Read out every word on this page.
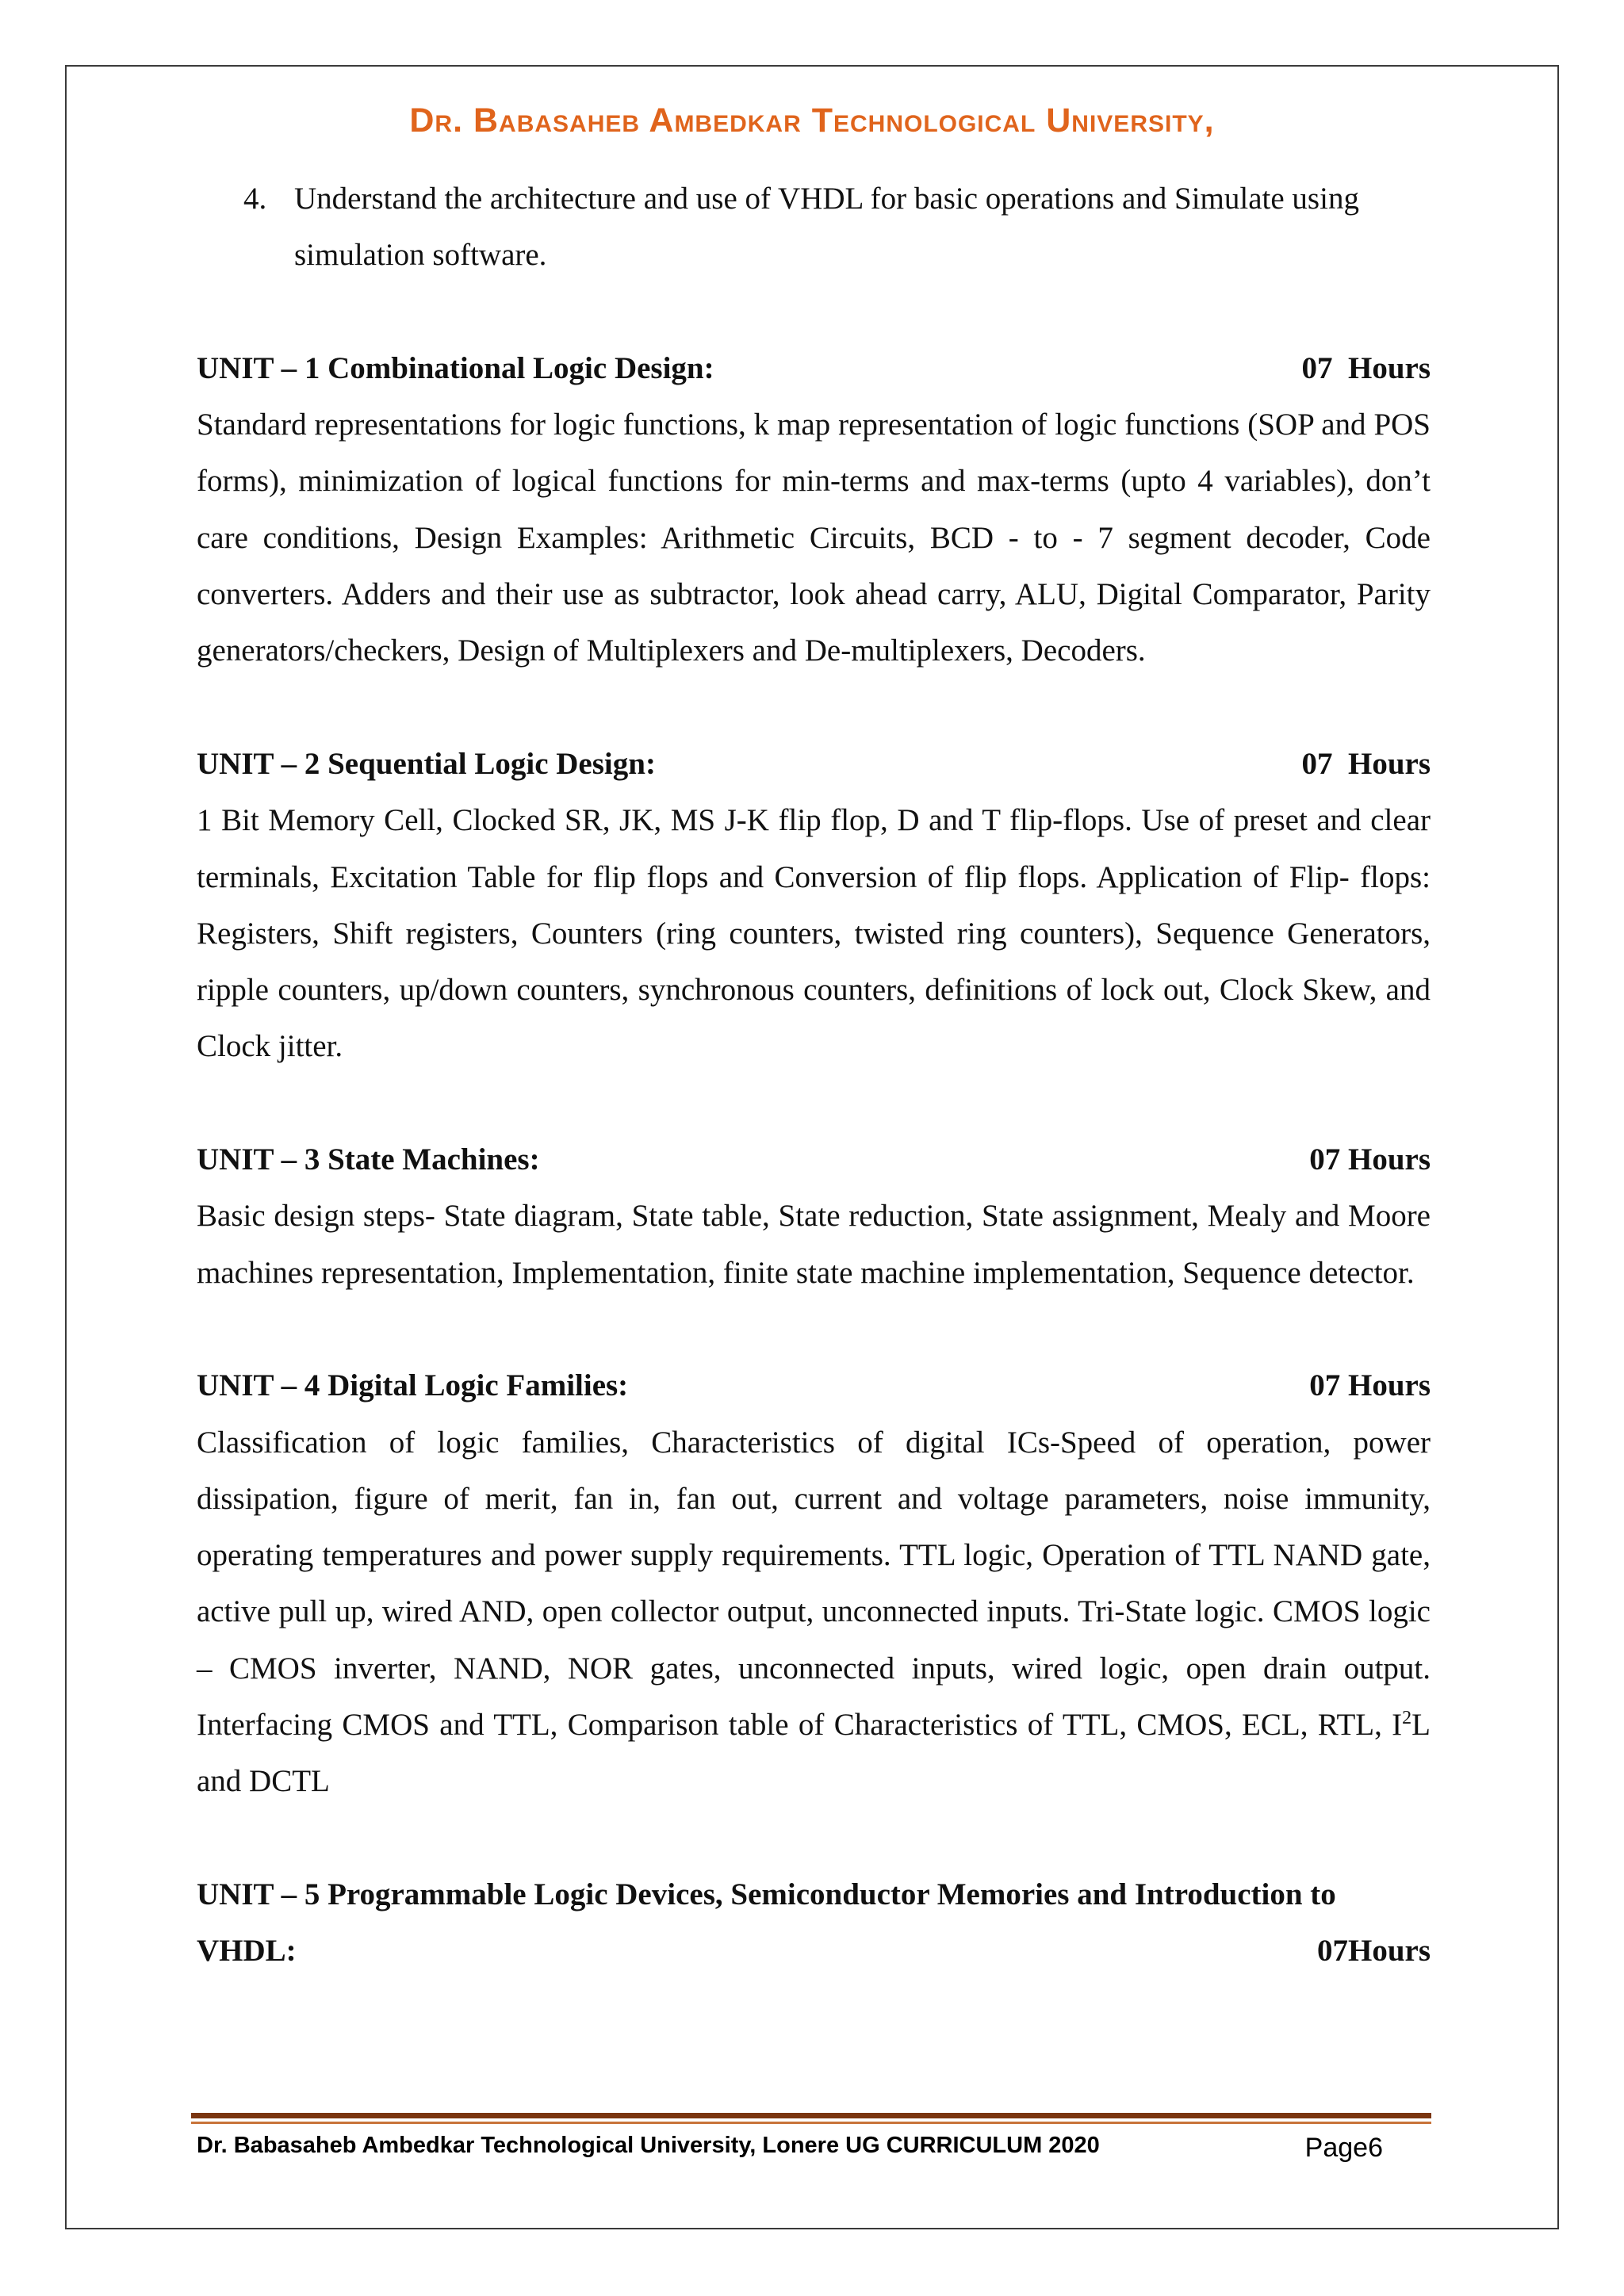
Dr. Babasaheb Ambedkar Technological University,
4. Understand the architecture and use of VHDL for basic operations and Simulate using simulation software.
UNIT – 1 Combinational Logic Design:	07  Hours
Standard representations for logic functions, k map representation of logic functions (SOP and POS forms), minimization of logical functions for min-terms and max-terms (upto 4 variables), don’t care conditions, Design Examples: Arithmetic Circuits, BCD - to - 7 segment decoder, Code converters. Adders and their use as subtractor, look ahead carry, ALU, Digital Comparator, Parity generators/checkers, Design of Multiplexers and De-multiplexers, Decoders.
UNIT – 2 Sequential Logic Design:	07  Hours
1 Bit Memory Cell, Clocked SR, JK, MS J-K flip flop, D and T flip-flops. Use of preset and clear terminals, Excitation Table for flip flops and Conversion of flip flops. Application of Flip- flops: Registers, Shift registers, Counters (ring counters, twisted ring counters), Sequence Generators, ripple counters, up/down counters, synchronous counters, definitions of lock out, Clock Skew, and Clock jitter.
UNIT – 3 State Machines:	07 Hours
Basic design steps- State diagram, State table, State reduction, State assignment, Mealy and Moore machines representation, Implementation, finite state machine implementation, Sequence detector.
UNIT – 4 Digital Logic Families:	07 Hours
Classification of logic families, Characteristics of digital ICs-Speed of operation, power dissipation, figure of merit, fan in, fan out, current and voltage parameters, noise immunity, operating temperatures and power supply requirements. TTL logic, Operation of TTL NAND gate, active pull up, wired AND, open collector output, unconnected inputs. Tri-State logic. CMOS logic – CMOS inverter, NAND, NOR gates, unconnected inputs, wired logic, open drain output. Interfacing CMOS and TTL, Comparison table of Characteristics of TTL, CMOS, ECL, RTL, $I^2L$ and DCTL
UNIT – 5 Programmable Logic Devices, Semiconductor Memories and Introduction to
VHDL:	07Hours
Dr. Babasaheb Ambedkar Technological University, Lonere UG CURRICULUM 2020	Page6
